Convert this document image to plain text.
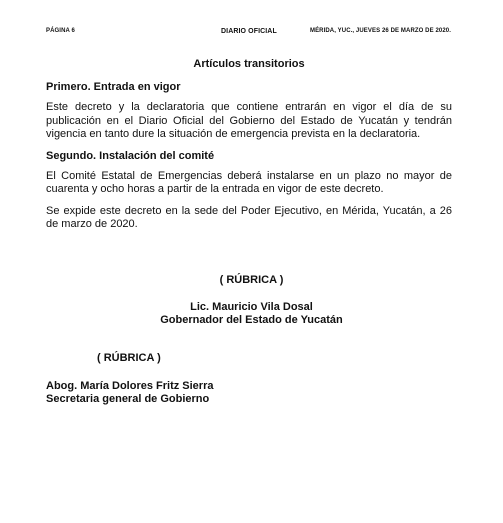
PÁGINA 6	DIARIO OFICIAL	MÉRIDA, YUC., JUEVES 26 DE MARZO DE 2020.
Artículos transitorios
Primero. Entrada en vigor

Este decreto y la declaratoria que contiene entrarán en vigor el día de su publicación en el Diario Oficial del Gobierno del Estado de Yucatán y tendrán vigencia en tanto dure la situación de emergencia prevista en la declaratoria.

Segundo. Instalación del comité

El Comité Estatal de Emergencias deberá instalarse en un plazo no mayor de cuarenta y ocho horas a partir de la entrada en vigor de este decreto.

Se expide este decreto en la sede del Poder Ejecutivo, en Mérida, Yucatán, a 26 de marzo de 2020.

( RÚBRICA )
Lic. Mauricio Vila Dosal
Gobernador del Estado de Yucatán
( RÚBRICA )
Abog. María Dolores Fritz Sierra
Secretaria general de Gobierno
